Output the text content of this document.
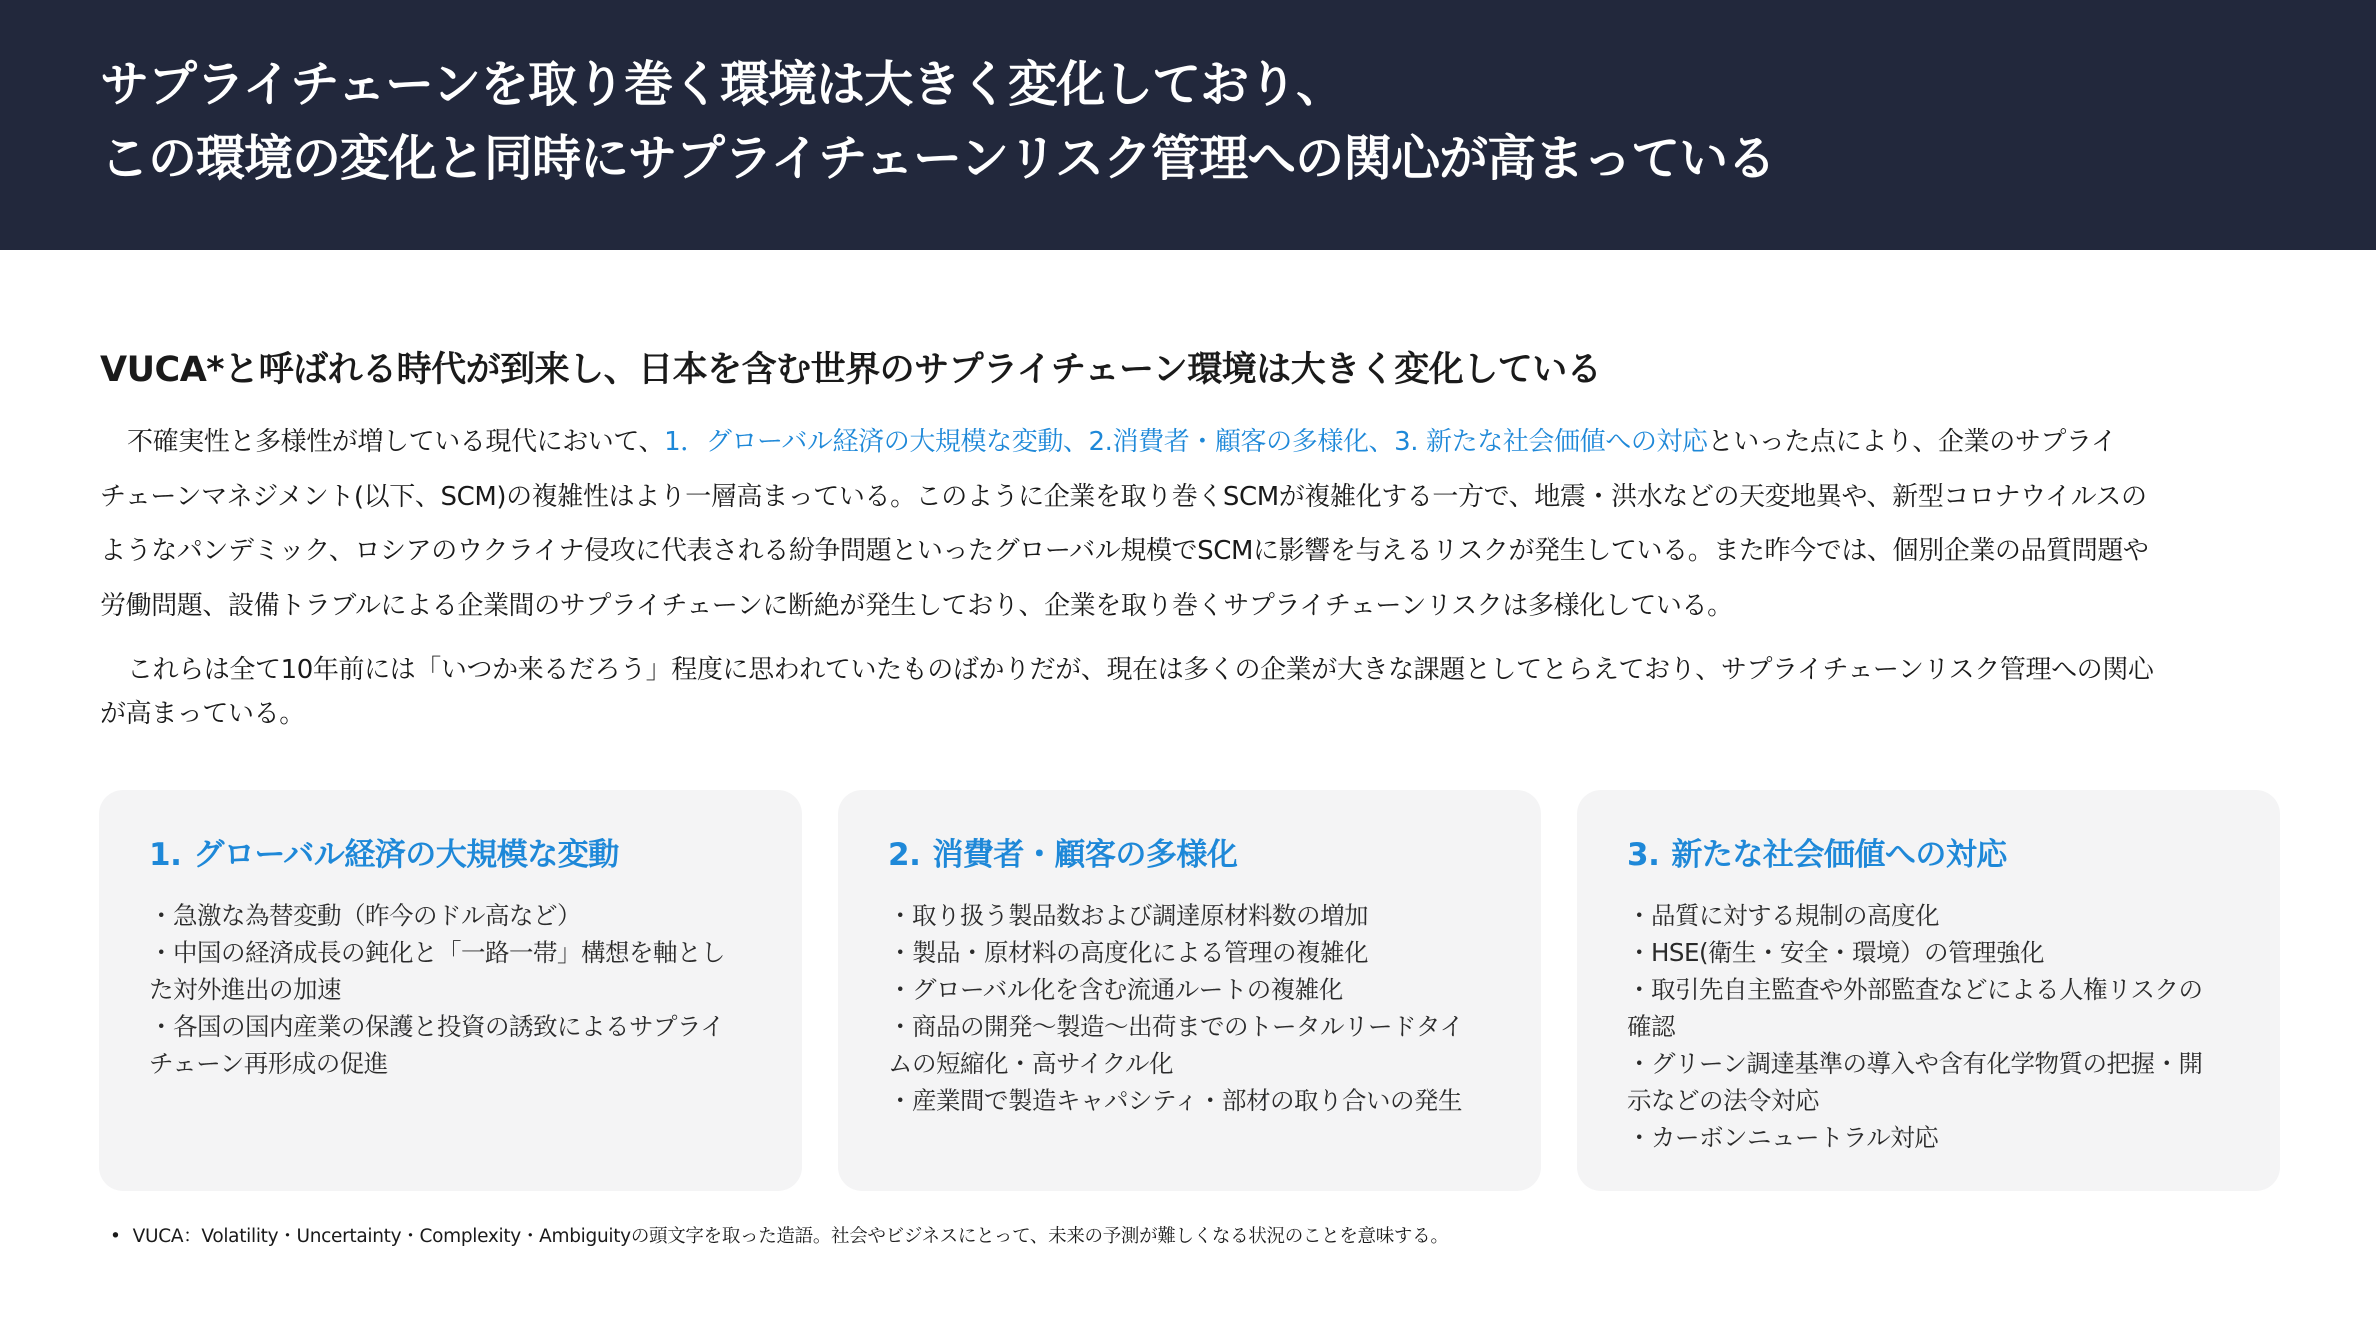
サプライチェーンを取り巻く環境は大きく変化しており、
この環境の変化と同時にサプライチェーンリスク管理への関心が高まっている
VUCA*と呼ばれる時代が到来し、日本を含む世界のサプライチェーン環境は大きく変化している
不確実性と多様性が増している現代において、1．グローバル経済の大規模な変動、2.消費者・顧客の多様化、3. 新たな社会価値への対応といった点により、企業のサプライ
チェーンマネジメント(以下、SCM)の複雑性はより一層高まっている。このように企業を取り巻くSCMが複雑化する一方で、地震・洪水などの天変地異や、新型コロナウイルスの
ようなパンデミック、ロシアのウクライナ侵攻に代表される紛争問題といったグローバル規模でSCMに影響を与えるリスクが発生している。また昨今では、個別企業の品質問題や
労働問題、設備トラブルによる企業間のサプライチェーンに断絶が発生しており、企業を取り巻くサプライチェーンリスクは多様化している。
これらは全て10年前には「いつか来るだろう」程度に思われていたものばかりだが、現在は多くの企業が大きな課題としてとらえており、サプライチェーンリスク管理への関心
が高まっている。
1. グローバル経済の大規模な変動
・急激な為替変動（昨今のドル高など）
・中国の経済成長の鈍化と「一路一帯」構想を軸とし
た対外進出の加速
・各国の国内産業の保護と投資の誘致によるサプライ
チェーン再形成の促進
2. 消費者・顧客の多様化
・取り扱う製品数および調達原材料数の増加
・製品・原材料の高度化による管理の複雑化
・グローバル化を含む流通ルートの複雑化
・商品の開発～製造～出荷までのトータルリードタイ
ムの短縮化・高サイクル化
・産業間で製造キャパシティ・部材の取り合いの発生
3. 新たな社会価値への対応
・品質に対する規制の高度化
・HSE(衛生・安全・環境）の管理強化
・取引先自主監査や外部監査などによる人権リスクの
確認
・グリーン調達基準の導入や含有化学物質の把握・開
示などの法令対応
・カーボンニュートラル対応
• VUCA：Volatility・Uncertainty・Complexity・Ambiguityの頭文字を取った造語。社会やビジネスにとって、未来の予測が難しくなる状況のことを意味する。
